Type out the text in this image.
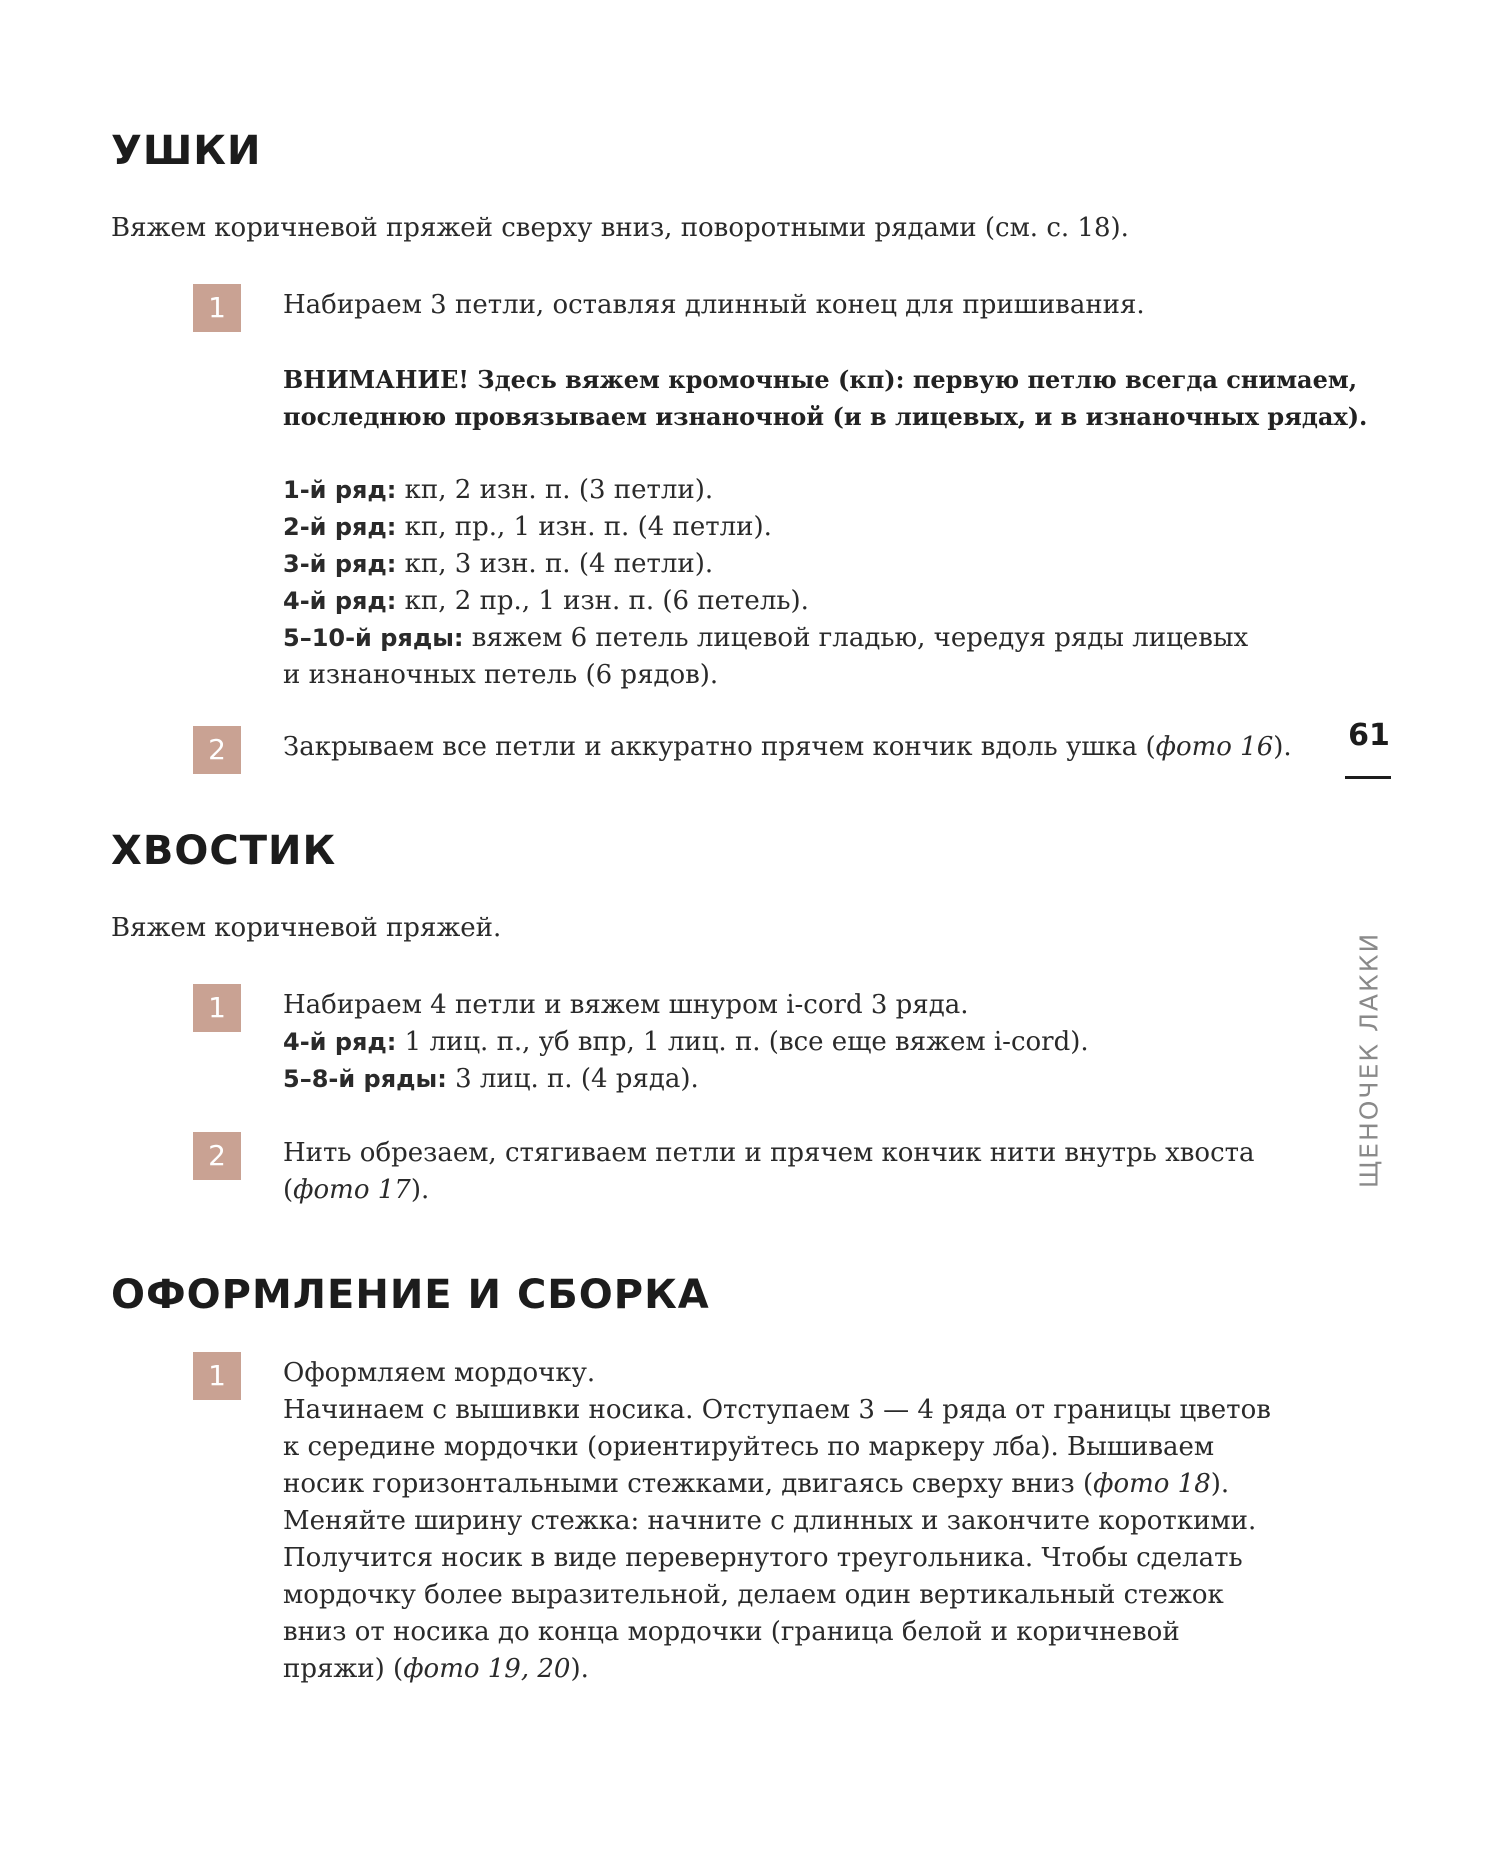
УШКИ

Вяжем коричневой пряжей сверху вниз, поворотными рядами (см. с. 18).

1	Набираем 3 петли, оставляя длинный конец для пришивания.

ВНИМАНИЕ! Здесь вяжем кромочные (кп): первую петлю всегда снимаем,

последнюю провязываем изнаночной (и в лицевых, и в изнаночных рядах).

1-й ряд: кп, 2 изн. п. (3 петли).

2-й ряд: кп, пр., 1 изн. п. (4 петли).

3-й ряд: кп, 3 изн. п. (4 петли).

4-й ряд: кп, 2 пр., 1 изн. п. (6 петель).

5–10-й ряды: вяжем 6 петель лицевой гладью, чередуя ряды лицевых

и изнаночных петель (6 рядов).

2	Закрываем все петли и аккуратно прячем кончик вдоль ушка (фото 16).

ХВОСТИК

Вяжем коричневой пряжей.

1	Набираем 4 петли и вяжем шнуром i-cord 3 ряда.

4-й ряд: 1 лиц. п., уб впр, 1 лиц. п. (все еще вяжем i-cord).

5–8-й ряды: 3 лиц. п. (4 ряда).

2	Нить обрезаем, стягиваем петли и прячем кончик нити внутрь хвоста

(фото 17).

ОФОРМЛЕНИЕ И СБОРКА
1	Оформляем мордочку.

Начинаем с вышивки носика. Отступаем 3 — 4 ряда от границы цветов

к середине мордочки (ориентируйтесь по маркеру лба). Вышиваем

носик горизонтальными стежками, двигаясь сверху вниз (фото 18).

Меняйте ширину стежка: начните с длинных и закончите короткими.

Получится носик в виде перевернутого треугольника. Чтобы сделать

мордочку более выразительной, делаем один вертикальный стежок

вниз от носика до конца мордочки (граница белой и коричневой

пряжи) (фото 19, 20).

61
ЩЕНОЧЕК ЛАККИ
